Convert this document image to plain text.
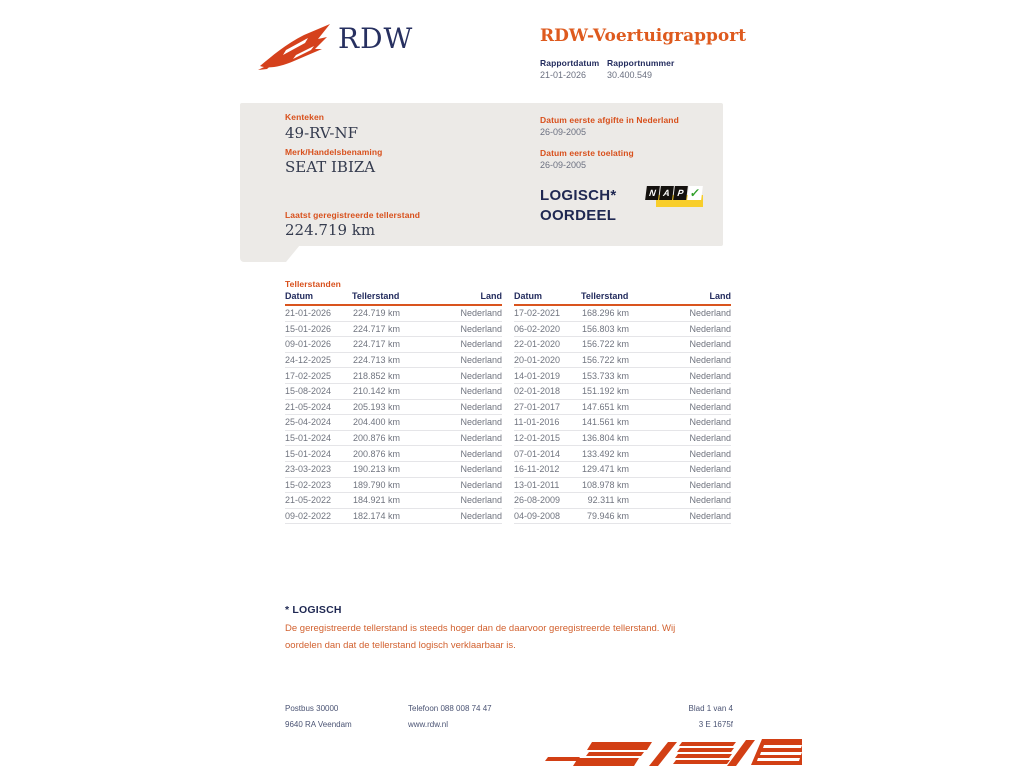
RDW	RDW-Voertuigrapport
Rapportdatum
21-01-2026
Rapportnummer
30.400.549
Kenteken
49-RV-NF
Merk/Handelsbenaming
SEAT IBIZA
Laatst geregistreerde tellerstand
224.719 km
Datum eerste afgifte in Nederland
26-09-2005
Datum eerste toelating
26-09-2005
LOGISCH*
OORDEEL
N A P ✓
Tellerstanden
Datum	Tellerstand	Land
21-01-2026	224.719 km	Nederland
15-01-2026	224.717 km	Nederland
09-01-2026	224.717 km	Nederland
24-12-2025	224.713 km	Nederland
17-02-2025	218.852 km	Nederland
15-08-2024	210.142 km	Nederland
21-05-2024	205.193 km	Nederland
25-04-2024	204.400 km	Nederland
15-01-2024	200.876 km	Nederland
15-01-2024	200.876 km	Nederland
23-03-2023	190.213 km	Nederland
15-02-2023	189.790 km	Nederland
21-05-2022	184.921 km	Nederland
09-02-2022	182.174 km	Nederland
Datum	Tellerstand	Land
17-02-2021	168.296 km	Nederland
06-02-2020	156.803 km	Nederland
22-01-2020	156.722 km	Nederland
20-01-2020	156.722 km	Nederland
14-01-2019	153.733 km	Nederland
02-01-2018	151.192 km	Nederland
27-01-2017	147.651 km	Nederland
11-01-2016	141.561 km	Nederland
12-01-2015	136.804 km	Nederland
07-01-2014	133.492 km	Nederland
16-11-2012	129.471 km	Nederland
13-01-2011	108.978 km	Nederland
26-08-2009	92.311 km	Nederland
04-09-2008	79.946 km	Nederland
* LOGISCH
De geregistreerde tellerstand is steeds hoger dan de daarvoor geregistreerde tellerstand. Wij oordelen dan dat de tellerstand logisch verklaarbaar is.
Postbus 30000
9640 RA Veendam
Telefoon 088 008 74 47
www.rdw.nl
Blad 1 van 4
3 E 1675f
